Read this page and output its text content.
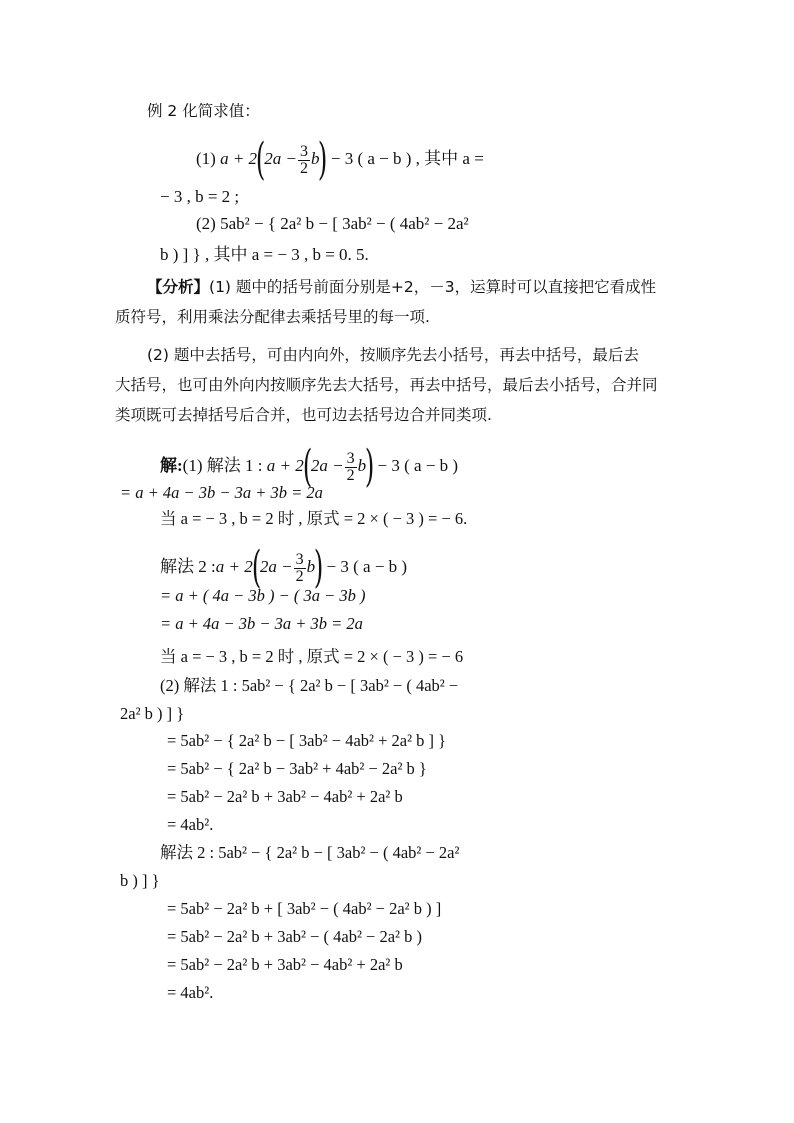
例 2 化简求值：
(1) $a + 2(2a - \frac{3}{2} b) - 3$ ( a − b ) , 其中 a =
− 3 , b = 2 ;
(2) 5ab² − { 2a² b − [ 3ab² − ( 4ab² − 2a²
b ) ] } , 其中 a = − 3 , b = 0. 5.
【分析】(1) 题中的括号前面分别是+2，－3，运算时可以直接把它看成性
质符号，利用乘法分配律去乘括号里的每一项.
(2) 题中去括号，可由内向外，按顺序先去小括号，再去中括号，最后去
大括号，也可由外向内按顺序先去大括号，再去中括号，最后去小括号，合并同
类项既可去掉括号后合并，也可边去括号边合并同类项.
解:(1) 解法 1 : $a + 2(2a - \frac{3}{2} b) - 3$ ( a − b )
= a + 4a − 3b − 3a + 3b = 2a
当 a = − 3 , b = 2 时 , 原式 = 2 × ( − 3 ) = − 6.
解法 2 :a + $2(2a - \frac{3}{2} b) - 3$ ( a − b )
= a + ( 4a − 3b ) − ( 3a − 3b )
= a + 4a − 3b − 3a + 3b = 2a
当 a = − 3 , b = 2 时 , 原式 = 2 × ( − 3 ) = − 6
(2) 解法 1 : 5ab² − { 2a² b − [ 3ab² − ( 4ab² −
2a² b ) ] }
= 5ab² − { 2a² b − [ 3ab² − 4ab² + 2a² b ] }
= 5ab² − { 2a² b − 3ab² + 4ab² − 2a² b }
= 5ab² − 2a² b + 3ab² − 4ab² + 2a² b
= 4ab².
解法 2 : 5ab² − { 2a² b − [ 3ab² − ( 4ab² − 2a²
b ) ] }
= 5ab² − 2a² b + [ 3ab² − ( 4ab² − 2a² b ) ]
= 5ab² − 2a² b + 3ab² − ( 4ab² − 2a² b )
= 5ab² − 2a² b + 3ab² − 4ab² + 2a² b
= 4ab².
